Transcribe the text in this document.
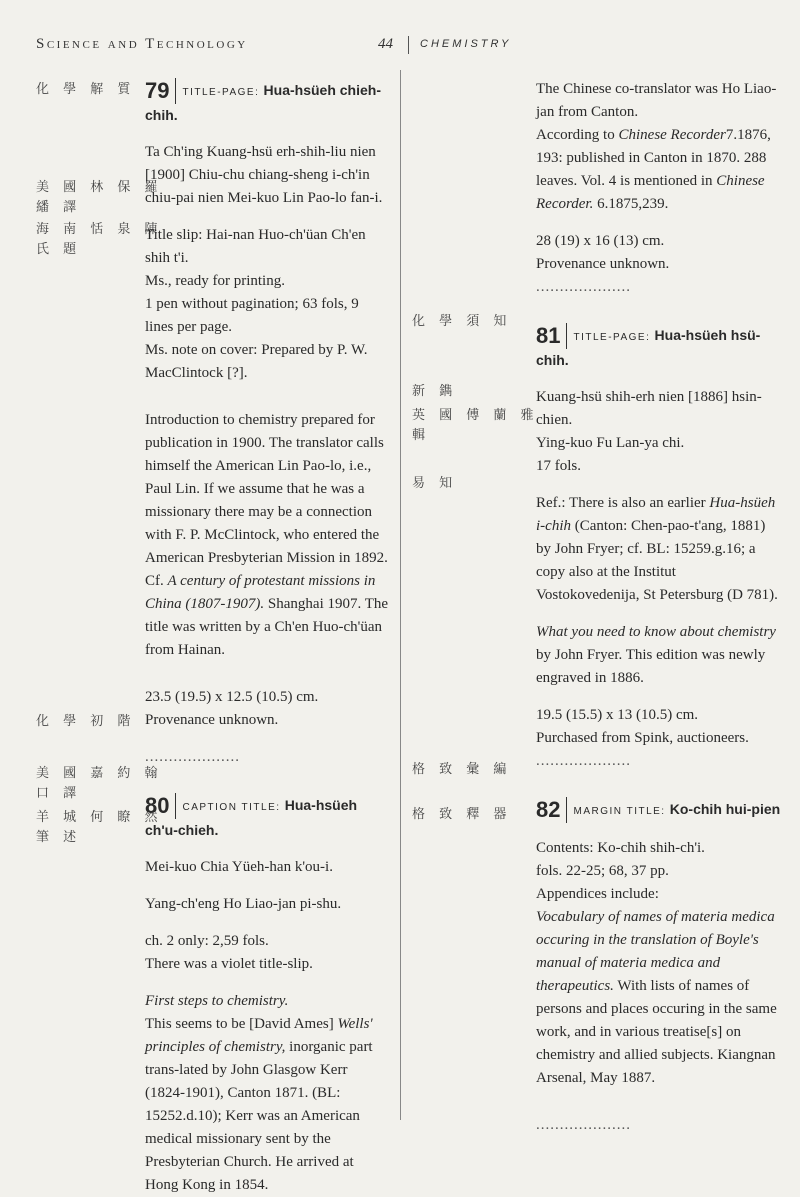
Science and Technology	44 CHEMISTRY
化 學 解 質
美 國 林 保 羅 繙 譯
海 南 恬 泉 陳 氏 題
化 學 初 階
美 國 嘉 約 翰 口 譯
羊 城 何 瞭 然 筆 述
化 學 須 知
新 鐫
英 國 傅 蘭 雅 輯
易 知
格 致 彙 編
格 致 釋 器
79 TITLE-PAGE: Hua-hsüeh chieh-chih.

Ta Ch'ing Kuang-hsü erh-shih-liu nien [1900] Chiu-chu chiang-sheng i-ch'in chiu-pai nien Mei-kuo Lin Pao-lo fan-i.

Title slip: Hai-nan Huo-ch'üan Ch'en shih t'i.

Ms., ready for printing.

1 pen without pagination; 63 fols, 9 lines per page.

Ms. note on cover: Prepared by P. W. MacClintock [?].

Introduction to chemistry prepared for publication in 1900. The translator calls himself the American Lin Pao-lo, i.e., Paul Lin. If we assume that he was a missionary there may be a connection with F. P. McClintock, who entered the American Presbyterian Mission in 1892. Cf. A century of protestant missions in China (1807-1907). Shanghai 1907. The title was written by a Ch'en Huo-ch'üan from Hainan.

23.5 (19.5) x 12.5 (10.5) cm.

Provenance unknown.

....................

80 CAPTION TITLE: Hua-hsüeh ch'u-chieh.

Mei-kuo Chia Yüeh-han k'ou-i.

Yang-ch'eng Ho Liao-jan pi-shu.

ch. 2 only: 2,59 fols.

There was a violet title-slip.

First steps to chemistry.

This seems to be [David Ames] Wells' principles of chemistry, inorganic part trans-lated by John Glasgow Kerr (1824-1901), Canton 1871. (BL: 15252.d.10); Kerr was an American medical missionary sent by the Presbyterian Church. He arrived at Hong Kong in 1854.

The Chinese co-translator was Ho Liao-jan from Canton.

According to Chinese Recorder7.1876, 193: published in Canton in 1870. 288 leaves. Vol. 4 is mentioned in Chinese Recorder. 6.1875,239.

28 (19) x 16 (13) cm.

Provenance unknown.

....................

81 TITLE-PAGE: Hua-hsüeh hsü-chih.

Kuang-hsü shih-erh nien [1886] hsin-chien.

Ying-kuo Fu Lan-ya chi.

17 fols.

Ref.: There is also an earlier Hua-hsüeh i-chih (Canton: Chen-pao-t'ang, 1881) by John Fryer; cf. BL: 15259.g.16; a copy also at the Institut Vostokovedenija, St Petersburg (D 781).

What you need to know about chemistry by John Fryer. This edition was newly engraved in 1886.

19.5 (15.5) x 13 (10.5) cm.

Purchased from Spink, auctioneers.

....................

82 MARGIN TITLE: Ko-chih hui-pien

Contents: Ko-chih shih-ch'i.

fols. 22-25; 68, 37 pp.

Appendices include:

Vocabulary of names of materia medica occuring in the translation of Boyle's manual of materia medica and therapeutics. With lists of names of persons and places occuring in the same work, and in various treatise[s] on chemistry and allied subjects. Kiangnan Arsenal, May 1887.

....................
